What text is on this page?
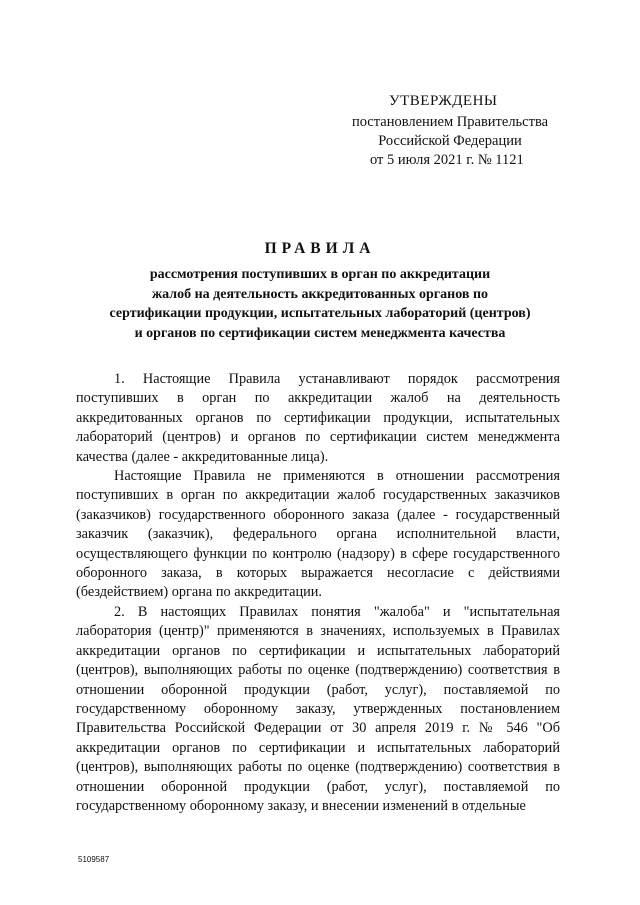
УТВЕРЖДЕНЫ
постановлением Правительства
Российской Федерации
от 5 июля 2021 г. № 1121
ПРАВИЛА
рассмотрения поступивших в орган по аккредитации
жалоб на деятельность аккредитованных органов по
сертификации продукции, испытательных лабораторий (центров)
и органов по сертификации систем менеджмента качества

1. Настоящие Правила устанавливают порядок рассмотрения поступивших в орган по аккредитации жалоб на деятельность аккредитованных органов по сертификации продукции, испытательных лабораторий (центров) и органов по сертификации систем менеджмента качества (далее - аккредитованные лица).

Настоящие Правила не применяются в отношении рассмотрения поступивших в орган по аккредитации жалоб государственных заказчиков (заказчиков) государственного оборонного заказа (далее - государственный заказчик (заказчик), федерального органа исполнительной власти, осуществляющего функции по контролю (надзору) в сфере государственного оборонного заказа, в которых выражается несогласие с действиями (бездействием) органа по аккредитации.

2. В настоящих Правилах понятия "жалоба" и "испытательная лаборатория (центр)" применяются в значениях, используемых в Правилах аккредитации органов по сертификации и испытательных лабораторий (центров), выполняющих работы по оценке (подтверждению) соответствия в отношении оборонной продукции (работ, услуг), поставляемой по государственному оборонному заказу, утвержденных постановлением Правительства Российской Федерации от 30 апреля 2019 г. № 546 "Об аккредитации органов по сертификации и испытательных лабораторий (центров), выполняющих работы по оценке (подтверждению) соответствия в отношении оборонной продукции (работ, услуг), поставляемой по государственному оборонному заказу, и внесении изменений в отдельные

5109587
